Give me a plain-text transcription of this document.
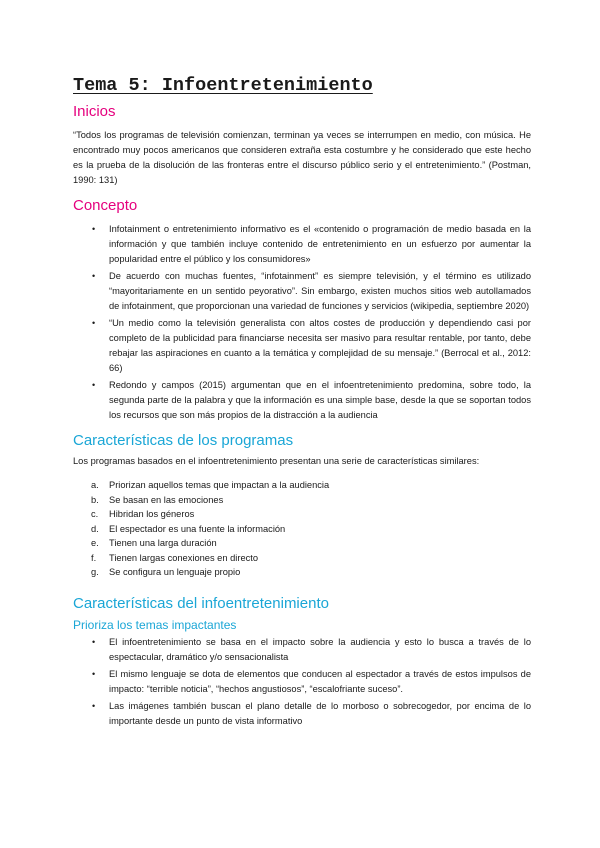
Tema 5: Infoentretenimiento
Inicios

“Todos los programas de televisión comienzan, terminan ya veces se interrumpen en medio, con música. He encontrado muy pocos americanos que consideren extraña esta costumbre y he considerado que este hecho es la prueba de la disolución de las fronteras entre el discurso público serio y el entretenimiento.” (Postman, 1990: 131)

Concepto
• Infotainment o entretenimiento informativo es el «contenido o programación de medio basada en la información y que también incluye contenido de entretenimiento en un esfuerzo por aumentar la popularidad entre el público y los consumidores»
• De acuerdo con muchas fuentes, “infotainment” es siempre televisión, y el término es utilizado “mayoritariamente en un sentido peyorativo”. Sin embargo, existen muchos sitios web autollamados de infotainment, que proporcionan una variedad de funciones y servicios (wikipedia, septiembre 2020)
• “Un medio como la televisión generalista con altos costes de producción y dependiendo casi por completo de la publicidad para financiarse necesita ser masivo para resultar rentable, por tanto, debe rebajar las aspiraciones en cuanto a la temática y complejidad de su mensaje.” (Berrocal et al., 2012: 66)
• Redondo y campos (2015) argumentan que en el infoentretenimiento predomina, sobre todo, la segunda parte de la palabra y que la información es una simple base, desde la que se soportan todos los recursos que son más propios de la distracción a la audiencia
Características de los programas

Los programas basados en el infoentretenimiento presentan una serie de características similares:

a. Priorizan aquellos temas que impactan a la audiencia
b. Se basan en las emociones
c. Hibridan los géneros
d. El espectador es una fuente la información
e. Tienen una larga duración
f. Tienen largas conexiones en directo
g. Se configura un lenguaje propio
Características del infoentretenimiento
Prioriza los temas impactantes
• El infoentretenimiento se basa en el impacto sobre la audiencia y esto lo busca a través de lo espectacular, dramático y/o sensacionalista
• El mismo lenguaje se dota de elementos que conducen al espectador a través de estos impulsos de impacto: “terrible noticia”, “hechos angustiosos”, “escalofriante suceso”.
• Las imágenes también buscan el plano detalle de lo morboso o sobrecogedor, por encima de lo importante desde un punto de vista informativo
